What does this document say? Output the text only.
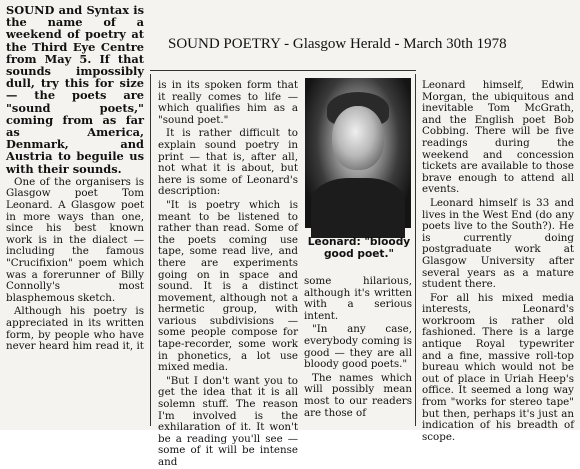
SOUND POETRY - Glasgow Herald - March 30th 1978

SOUND and Syntax is the name of a weekend of poetry at the Third Eye Centre from May 5. If that sounds impossibly dull, try this for size — the poets are "sound poets," coming from as far as America, Denmark, and Austria to beguile us with their sounds.

One of the organisers is Glasgow poet Tom Leonard. A Glasgow poet in more ways than one, since his best known work is in the dialect — including the famous "Crucifixion" poem which was a forerunner of Billy Connolly's most blasphemous sketch.

Although his poetry is appreciated in its written form, by people who have never heard him read it, it

is in its spoken form that it really comes to life — which qualifies him as a "sound poet."

It is rather difficult to explain sound poetry in print — that is, after all, not what it is about, but here is some of Leonard's description:

"It is poetry which is meant to be listened to rather than read. Some of the poets coming use tape, some read live, and there are experiments going on in space and sound. It is a distinct movement, although not a hermetic group, with various subdivisions — some people compose for tape-recorder, some work in phonetics, a lot use mixed media.

"But I don't want you to get the idea that it is all solemn stuff. The reason I'm involved is the exhilaration of it. It won't be a reading you'll see — some of it will be intense and

Leonard: "bloody good poet."

some hilarious, although it's written with a serious intent.

"In any case, everybody coming is good — they are all bloody good poets."

The names which will possibly mean most to our readers are those of

Leonard himself, Edwin Morgan, the ubiquitous and inevitable Tom McGrath, and the English poet Bob Cobbing. There will be five readings during the weekend and concession tickets are available to those brave enough to attend all events.

Leonard himself is 33 and lives in the West End (do any poets live to the South?). He is currently doing postgraduate work at Glasgow University after several years as a mature student there.

For all his mixed media interests, Leonard's workroom is rather old fashioned. There is a large antique Royal typewriter and a fine, massive roll-top bureau which would not be out of place in Uriah Heep's office. It seemed a long way from "works for stereo tape" but then, perhaps it's just an indication of his breadth of scope.
